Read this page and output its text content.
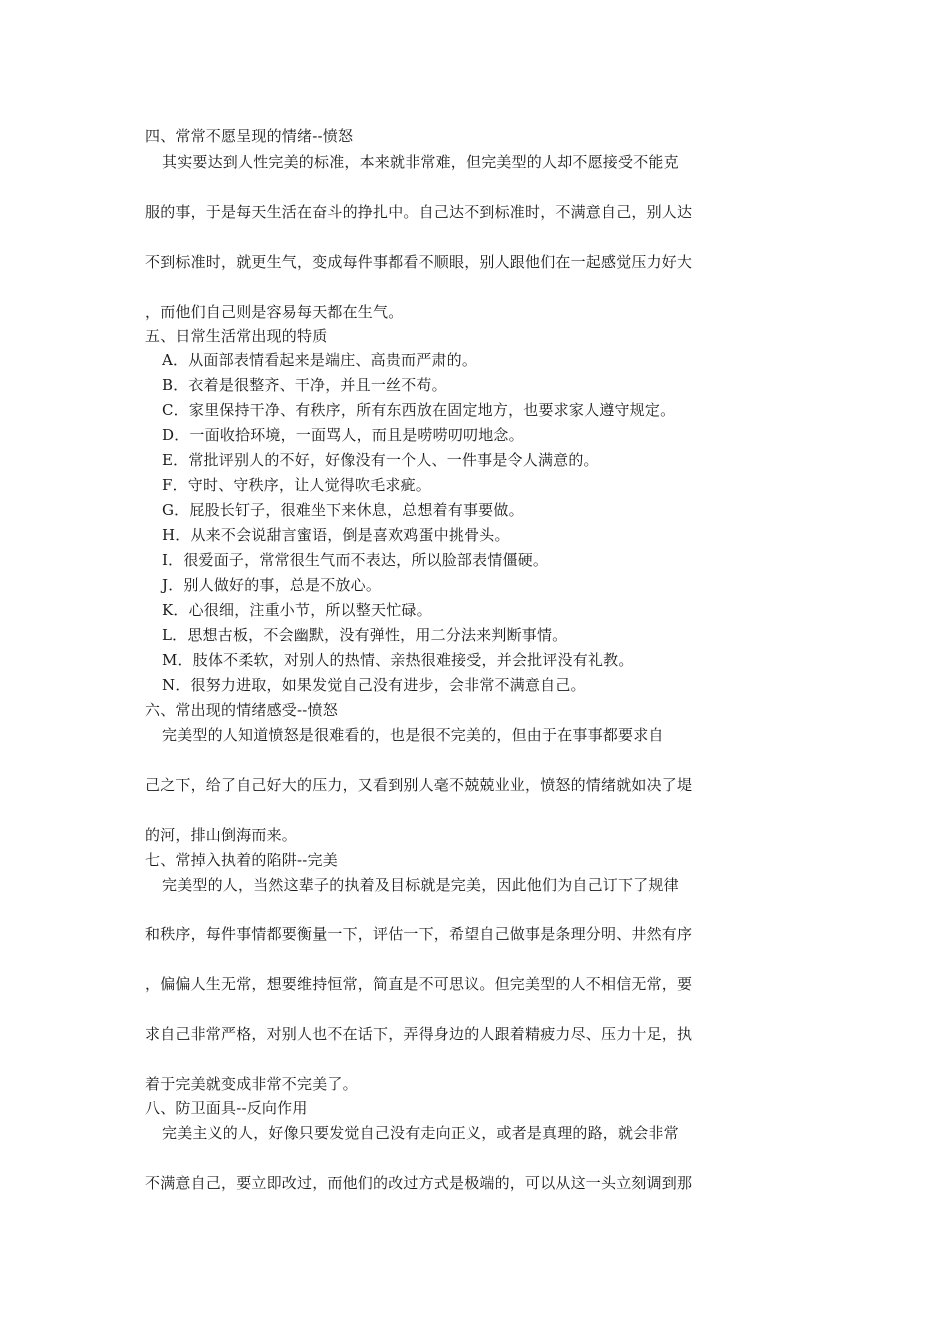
四、常常不愿呈现的情绪--愤怒
其实要达到人性完美的标准，本来就非常难，但完美型的人却不愿接受不能克
服的事，于是每天生活在奋斗的挣扎中。自己达不到标准时，不满意自己，别人达
不到标准时，就更生气，变成每件事都看不顺眼，别人跟他们在一起感觉压力好大
，而他们自己则是容易每天都在生气。
五、日常生活常出现的特质
A．从面部表情看起来是端庄、高贵而严肃的。
B．衣着是很整齐、干净，并且一丝不苟。
C．家里保持干净、有秩序，所有东西放在固定地方，也要求家人遵守规定。
D．一面收拾环境，一面骂人，而且是唠唠叨叨地念。
E．常批评别人的不好，好像没有一个人、一件事是令人满意的。
F．守时、守秩序，让人觉得吹毛求疵。
G．屁股长钉子，很难坐下来休息，总想着有事要做。
H．从来不会说甜言蜜语，倒是喜欢鸡蛋中挑骨头。
I．很爱面子，常常很生气而不表达，所以脸部表情僵硬。
J．别人做好的事，总是不放心。
K．心很细，注重小节，所以整天忙碌。
L．思想古板，不会幽默，没有弹性，用二分法来判断事情。
M．肢体不柔软，对别人的热情、亲热很难接受，并会批评没有礼教。
N．很努力进取，如果发觉自己没有进步，会非常不满意自己。
六、常出现的情绪感受--愤怒
完美型的人知道愤怒是很难看的，也是很不完美的，但由于在事事都要求自
己之下，给了自己好大的压力，又看到别人毫不兢兢业业，愤怒的情绪就如决了堤
的河，排山倒海而来。
七、常掉入执着的陷阱--完美
完美型的人，当然这辈子的执着及目标就是完美，因此他们为自己订下了规律
和秩序，每件事情都要衡量一下，评估一下，希望自己做事是条理分明、井然有序
，偏偏人生无常，想要维持恒常，简直是不可思议。但完美型的人不相信无常，要
求自己非常严格，对别人也不在话下，弄得身边的人跟着精疲力尽、压力十足，执
着于完美就变成非常不完美了。
八、防卫面具--反向作用
完美主义的人，好像只要发觉自己没有走向正义，或者是真理的路，就会非常
不满意自己，要立即改过，而他们的改过方式是极端的，可以从这一头立刻调到那
